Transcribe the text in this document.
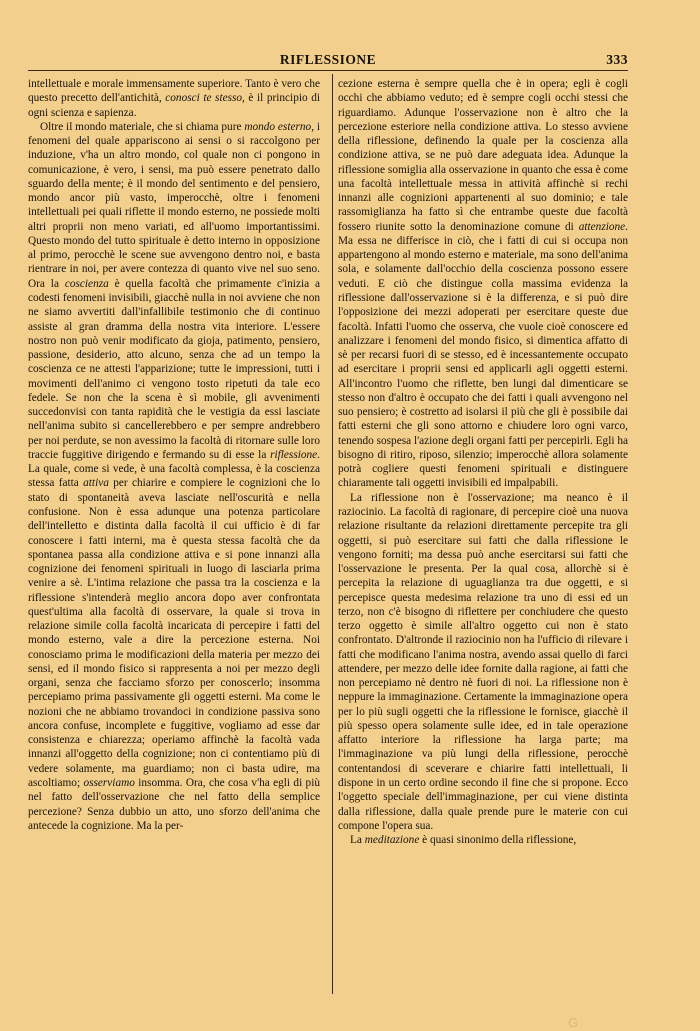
RIFLESSIONE	333

intellettuale e morale immensamente superiore. Tanto è vero che questo precetto dell'antichità, conosci te stesso, è il principio di ogni scienza e sapienza.

Oltre il mondo materiale, che si chiama pure mondo esterno, i fenomeni del quale appariscono ai sensi o si raccolgono per induzione, v'ha un altro mondo, col quale non ci pongono in comunicazione, è vero, i sensi, ma può essere penetrato dallo sguardo della mente; è il mondo del sentimento e del pensiero, mondo ancor più vasto, imperocchè, oltre i fenomeni intellettuali pei quali riflette il mondo esterno, ne possiede molti altri proprii non meno variati, ed all'uomo importantissimi. Questo mondo del tutto spirituale è detto interno in opposizione al primo, perocchè le scene sue avvengono dentro noi, e basta rientrare in noi, per avere contezza di quanto vive nel suo seno. Ora la coscienza è quella facoltà che primamente c'inizia a codesti fenomeni invisibili, giacchè nulla in noi avviene che non ne siamo avvertiti dall'infallibile testimonio che di continuo assiste al gran dramma della nostra vita interiore. L'essere nostro non può venir modificato da gioja, patimento, pensiero, passione, desiderio, atto alcuno, senza che ad un tempo la coscienza ce ne attesti l'apparizione; tutte le impressioni, tutti i movimenti dell'animo ci vengono tosto ripetuti da tale eco fedele. Se non che la scena è sì mobile, gli avvenimenti succedonvisi con tanta rapidità che le vestigia da essi lasciate nell'anima subito si cancellerebbero e per sempre andrebbero per noi perdute, se non avessimo la facoltà di ritornare sulle loro traccie fuggitive dirigendo e fermando su di esse la riflessione. La quale, come si vede, è una facoltà complessa, è la coscienza stessa fatta attiva per chiarire e compiere le cognizioni che lo stato di spontaneità aveva lasciate nell'oscurità e nella confusione. Non è essa adunque una potenza particolare dell'intelletto e distinta dalla facoltà il cui ufficio è di far conoscere i fatti interni, ma è questa stessa facoltà che da spontanea passa alla condizione attiva e si pone innanzi alla cognizione dei fenomeni spirituali in luogo di lasciarla prima venire a sè. L'intima relazione che passa tra la coscienza e la riflessione s'intenderà meglio ancora dopo aver confrontata quest'ultima alla facoltà di osservare, la quale si trova in relazione simile colla facoltà incaricata di percepire i fatti del mondo esterno, vale a dire la percezione esterna. Noi conosciamo prima le modificazioni della materia per mezzo dei sensi, ed il mondo fisico si rappresenta a noi per mezzo degli organi, senza che facciamo sforzo per conoscerlo; insomma percepiamo prima passivamente gli oggetti esterni. Ma come le nozioni che ne abbiamo trovandoci in condizione passiva sono ancora confuse, incomplete e fuggitive, vogliamo ad esse dar consistenza e chiarezza; operiamo affinchè la facoltà vada innanzi all'oggetto della cognizione; non ci contentiamo più di vedere solamente, ma guardiamo; non ci basta udire, ma ascoltiamo; osserviamo insomma. Ora, che cosa v'ha egli di più nel fatto dell'osservazione che nel fatto della semplice percezione? Senza dubbio un atto, uno sforzo dell'anima che antecede la cognizione. Ma la per-

cezione esterna è sempre quella che è in opera; egli è cogli occhi che abbiamo veduto; ed è sempre cogli occhi stessi che riguardiamo. Adunque l'osservazione non è altro che la percezione esteriore nella condizione attiva. Lo stesso avviene della riflessione, definendo la quale per la coscienza alla condizione attiva, se ne può dare adeguata idea. Adunque la riflessione somiglia alla osservazione in quanto che essa è come una facoltà intellettuale messa in attività affinchè si rechi innanzi alle cognizioni appartenenti al suo dominio; e tale rassomiglianza ha fatto sì che entrambe queste due facoltà fossero riunite sotto la denominazione comune di attenzione. Ma essa ne differisce in ciò, che i fatti di cui si occupa non appartengono al mondo esterno e materiale, ma sono dell'anima sola, e solamente dall'occhio della coscienza possono essere veduti. E ciò che distingue colla massima evidenza la riflessione dall'osservazione si è la differenza, e si può dire l'opposizione dei mezzi adoperati per esercitare queste due facoltà. Infatti l'uomo che osserva, che vuole cioè conoscere ed analizzare i fenomeni del mondo fisico, si dimentica affatto di sè per recarsi fuori di se stesso, ed è incessantemente occupato ad esercitare i proprii sensi ed applicarli agli oggetti esterni. All'incontro l'uomo che riflette, ben lungi dal dimenticare se stesso non d'altro è occupato che dei fatti i quali avvengono nel suo pensiero; è costretto ad isolarsi il più che gli è possibile dai fatti esterni che gli sono attorno e chiudere loro ogni varco, tenendo sospesa l'azione degli organi fatti per percepirli. Egli ha bisogno di ritiro, riposo, silenzio; imperocchè allora solamente potrà cogliere questi fenomeni spirituali e distinguere chiaramente tali oggetti invisibili ed impalpabili.

La riflessione non è l'osservazione; ma neanco è il raziocinio. La facoltà di ragionare, di percepire cioè una nuova relazione risultante da relazioni direttamente percepite tra gli oggetti, si può esercitare sui fatti che dalla riflessione le vengono forniti; ma dessa può anche esercitarsi sui fatti che l'osservazione le presenta. Per la qual cosa, allorchè si è percepita la relazione di uguaglianza tra due oggetti, e si percepisce questa medesima relazione tra uno di essi ed un terzo, non c'è bisogno di riflettere per conchiudere che questo terzo oggetto è simile all'altro oggetto cui non è stato confrontato. D'altronde il raziocinio non ha l'ufficio di rilevare i fatti che modificano l'anima nostra, avendo assai quello di farci attendere, per mezzo delle idee fornite dalla ragione, ai fatti che non percepiamo nè dentro nè fuori di noi. La riflessione non è neppure la immaginazione. Certamente la immaginazione opera per lo più sugli oggetti che la riflessione le fornisce, giacchè il più spesso opera solamente sulle idee, ed in tale operazione affatto interiore la riflessione ha larga parte; ma l'immaginazione va più lungi della riflessione, perocchè contentandosi di sceverare e chiarire fatti intellettuali, li dispone in un certo ordine secondo il fine che si propone. Ecco l'oggetto speciale dell'immaginazione, per cui viene distinta dalla riflessione, dalla quale prende pure le materie con cui compone l'opera sua.

La meditazione è quasi sinonimo della riflessione,

G
